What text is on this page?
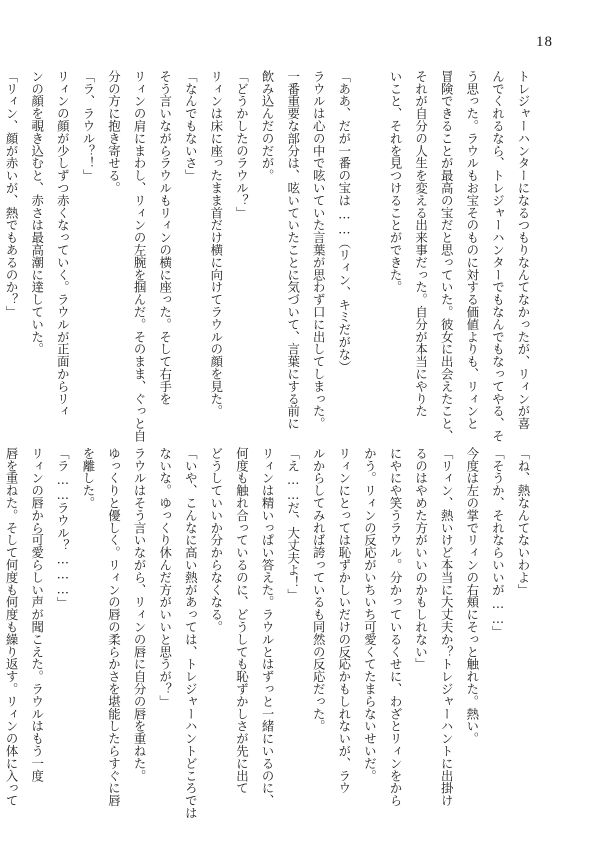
18
トレジャーハンターになるつもりなんてなかったが、リィンが喜
んでくれるなら、トレジャーハンターでもなんでもなってやる、そ
う思った。ラウルもお宝そのものに対する価値よりも、リィンと
冒険できることが最高の宝だと思っていた。彼女に出会えたこと、
それが自分の人生を変える出来事だった。自分が本当にやりた
いこと、それを見つけることができた。

「ああ、だが一番の宝は……（リィン、キミだがな）
ラウルは心の中で呟いていた言葉が思わず口に出してしまった。
一番重要な部分は、呟いていたことに気づいて、言葉にする前に
飲み込んだのだが。
「どうかしたのラウル？」
リィンは床に座ったまま首だけ横に向けてラウルの顔を見た。
「なんでもないさ」
そう言いながらラウルもリィンの横に座った。そして右手を
リィンの肩にまわし、リィンの左腕を掴んだ。そのまま、ぐっと自
分の方に抱き寄せる。
「ラ、ラウル？！」
リィンの顔が少しずつ赤くなっていく。ラウルが正面からリィ
ンの顔を覗き込むと、赤さは最高潮に達していた。
「リィン、顔が赤いが、熱でもあるのか？」
「ね、熱なんてないわよ」
「そうか、それならいいが……」
今度は左の掌でリィンの右頬にそっと触れた。熱い。
「リィン、熱いけど本当に大丈夫か？トレジャーハントに出掛け
るのはやめた方がいいのかもしれない」
にやにや笑うラウル。分かっているくせに、わざとリィンをから
かう。リィンの反応がいちいち可愛くてたまらないせいだ。
リィンにとっては恥ずかしいだけの反応かもしれないが、ラウ
ルからしてみれば誇っているも同然の反応だった。
「え……だ、大丈夫よ！」
リィンは精いっぱい答えた。ラウルとはずっと一緒にいるのに、
何度も触れ合っているのに、どうしても恥ずかしさが先に出て
どうしていいか分からなくなる。
「いや、こんなに高い熱があっては、トレジャーハントどころでは
ないな。ゆっくり休んだ方がいいと思うが？」
ラウルはそう言いながら、リィンの唇に自分の唇を重ねた。
ゆっくりと優しく。リィンの唇の柔らかさを堪能したらすぐに唇
を離した。
「ラ……ラウル？………」
リィンの唇から可愛らしい声が聞こえた。ラウルはもう一度
唇を重ねた。そして何度も何度も繰り返す。リィンの体に入って
